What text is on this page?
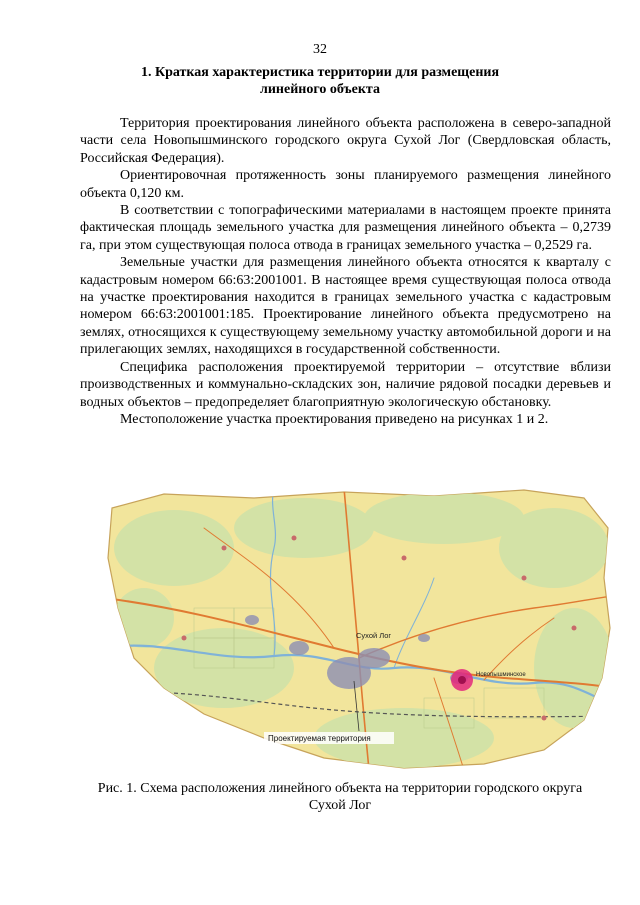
32
1. Краткая характеристика территории для размещения
линейного объекта

Территория проектирования линейного объекта расположена в северо-западной части села Новопышминского городского округа Сухой Лог (Свердловская область, Российская Федерация).

Ориентировочная протяженность зоны планируемого размещения линейного объекта 0,120 км.

В соответствии с топографическими материалами в настоящем проекте принята фактическая площадь земельного участка для размещения линейного объекта – 0,2739 га, при этом существующая полоса отвода в границах земельного участка – 0,2529 га.

Земельные участки для размещения линейного объекта относятся к кварталу с кадастровым номером 66:63:2001001. В настоящее время существующая полоса отвода на участке проектирования находится в границах земельного участка с кадастровым номером 66:63:2001001:185. Проектирование линейного объекта предусмотрено на землях, относящихся к существующему земельному участку автомобильной дороги и на прилегающих землях, находящихся в государственной собственности.

Специфика расположения проектируемой территории – отсутствие вблизи производственных и коммунально-складских зон, наличие рядовой посадки деревьев и водных объектов – предопределяет благоприятную экологическую обстановку.

Местоположение участка проектирования приведено на рисунках 1 и 2.

Сухой Лог
Новопышминское
Проектируемая территория
Рис. 1. Схема расположения линейного объекта на территории городского округа
Сухой Лог
